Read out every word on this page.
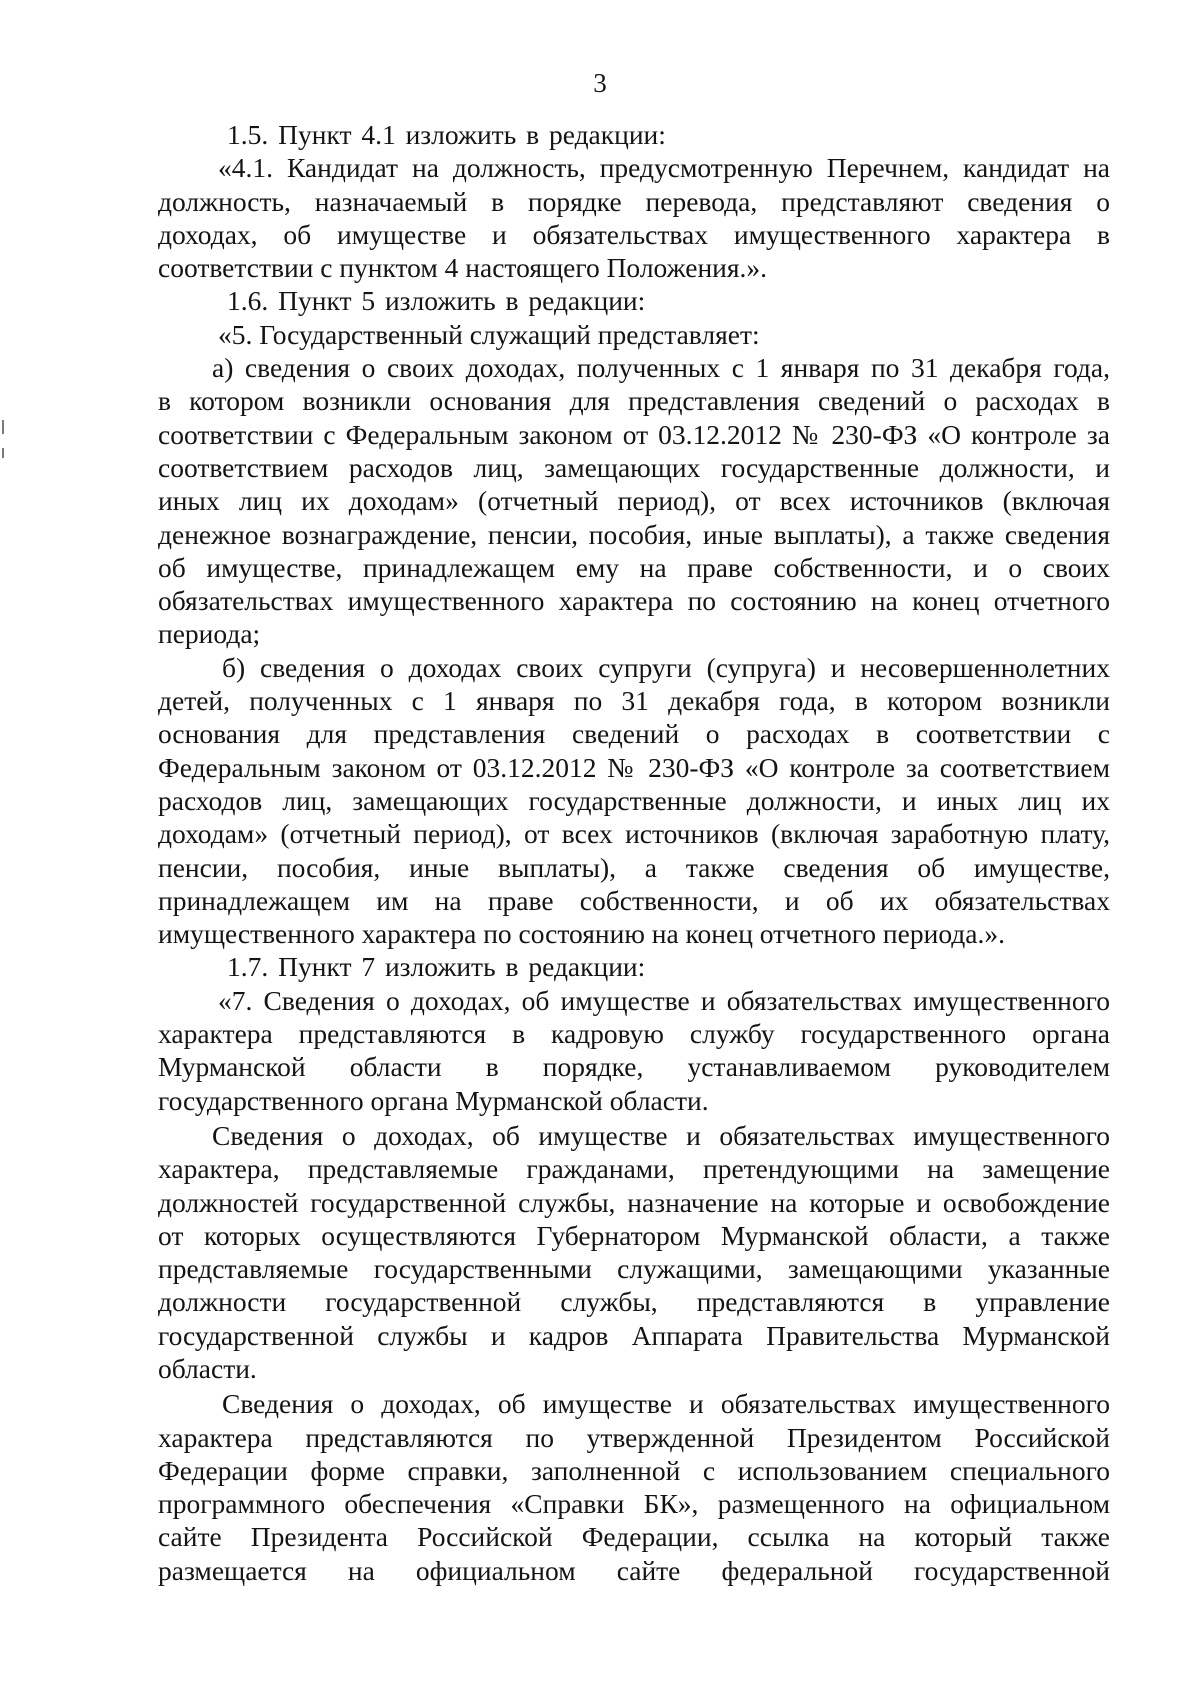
3
1.5. Пункт 4.1 изложить в редакции:
«4.1. Кандидат на должность, предусмотренную Перечнем, кандидат на
должность, назначаемый в порядке перевода, представляют сведения о
доходах, об имуществе и обязательствах имущественного характера в
соответствии с пунктом 4 настоящего Положения.».
1.6. Пункт 5 изложить в редакции:
«5. Государственный служащий представляет:
а) сведения о своих доходах, полученных с 1 января по 31 декабря года,
в котором возникли основания для представления сведений о расходах в
соответствии с Федеральным законом от 03.12.2012 № 230-ФЗ «О контроле за
соответствием расходов лиц, замещающих государственные должности, и
иных лиц их доходам» (отчетный период), от всех источников (включая
денежное вознаграждение, пенсии, пособия, иные выплаты), а также сведения
об имуществе, принадлежащем ему на праве собственности, и о своих
обязательствах имущественного характера по состоянию на конец отчетного
периода;
б) сведения о доходах своих супруги (супруга) и несовершеннолетних
детей, полученных с 1 января по 31 декабря года, в котором возникли
основания для представления сведений о расходах в соответствии с
Федеральным законом от 03.12.2012 № 230-ФЗ «О контроле за соответствием
расходов лиц, замещающих государственные должности, и иных лиц их
доходам» (отчетный период), от всех источников (включая заработную плату,
пенсии, пособия, иные выплаты), а также сведения об имуществе,
принадлежащем им на праве собственности, и об их обязательствах
имущественного характера по состоянию на конец отчетного периода.».
1.7. Пункт 7 изложить в редакции:
«7. Сведения о доходах, об имуществе и обязательствах имущественного
характера представляются в кадровую службу государственного органа
Мурманской области в порядке, устанавливаемом руководителем
государственного органа Мурманской области.
Сведения о доходах, об имуществе и обязательствах имущественного
характера, представляемые гражданами, претендующими на замещение
должностей государственной службы, назначение на которые и освобождение
от которых осуществляются Губернатором Мурманской области, а также
представляемые государственными служащими, замещающими указанные
должности государственной службы, представляются в управление
государственной службы и кадров Аппарата Правительства Мурманской
области.
Сведения о доходах, об имуществе и обязательствах имущественного
характера представляются по утвержденной Президентом Российской
Федерации форме справки, заполненной с использованием специального
программного обеспечения «Справки БК», размещенного на официальном
сайте Президента Российской Федерации, ссылка на который также
размещается на официальном сайте федеральной государственной
